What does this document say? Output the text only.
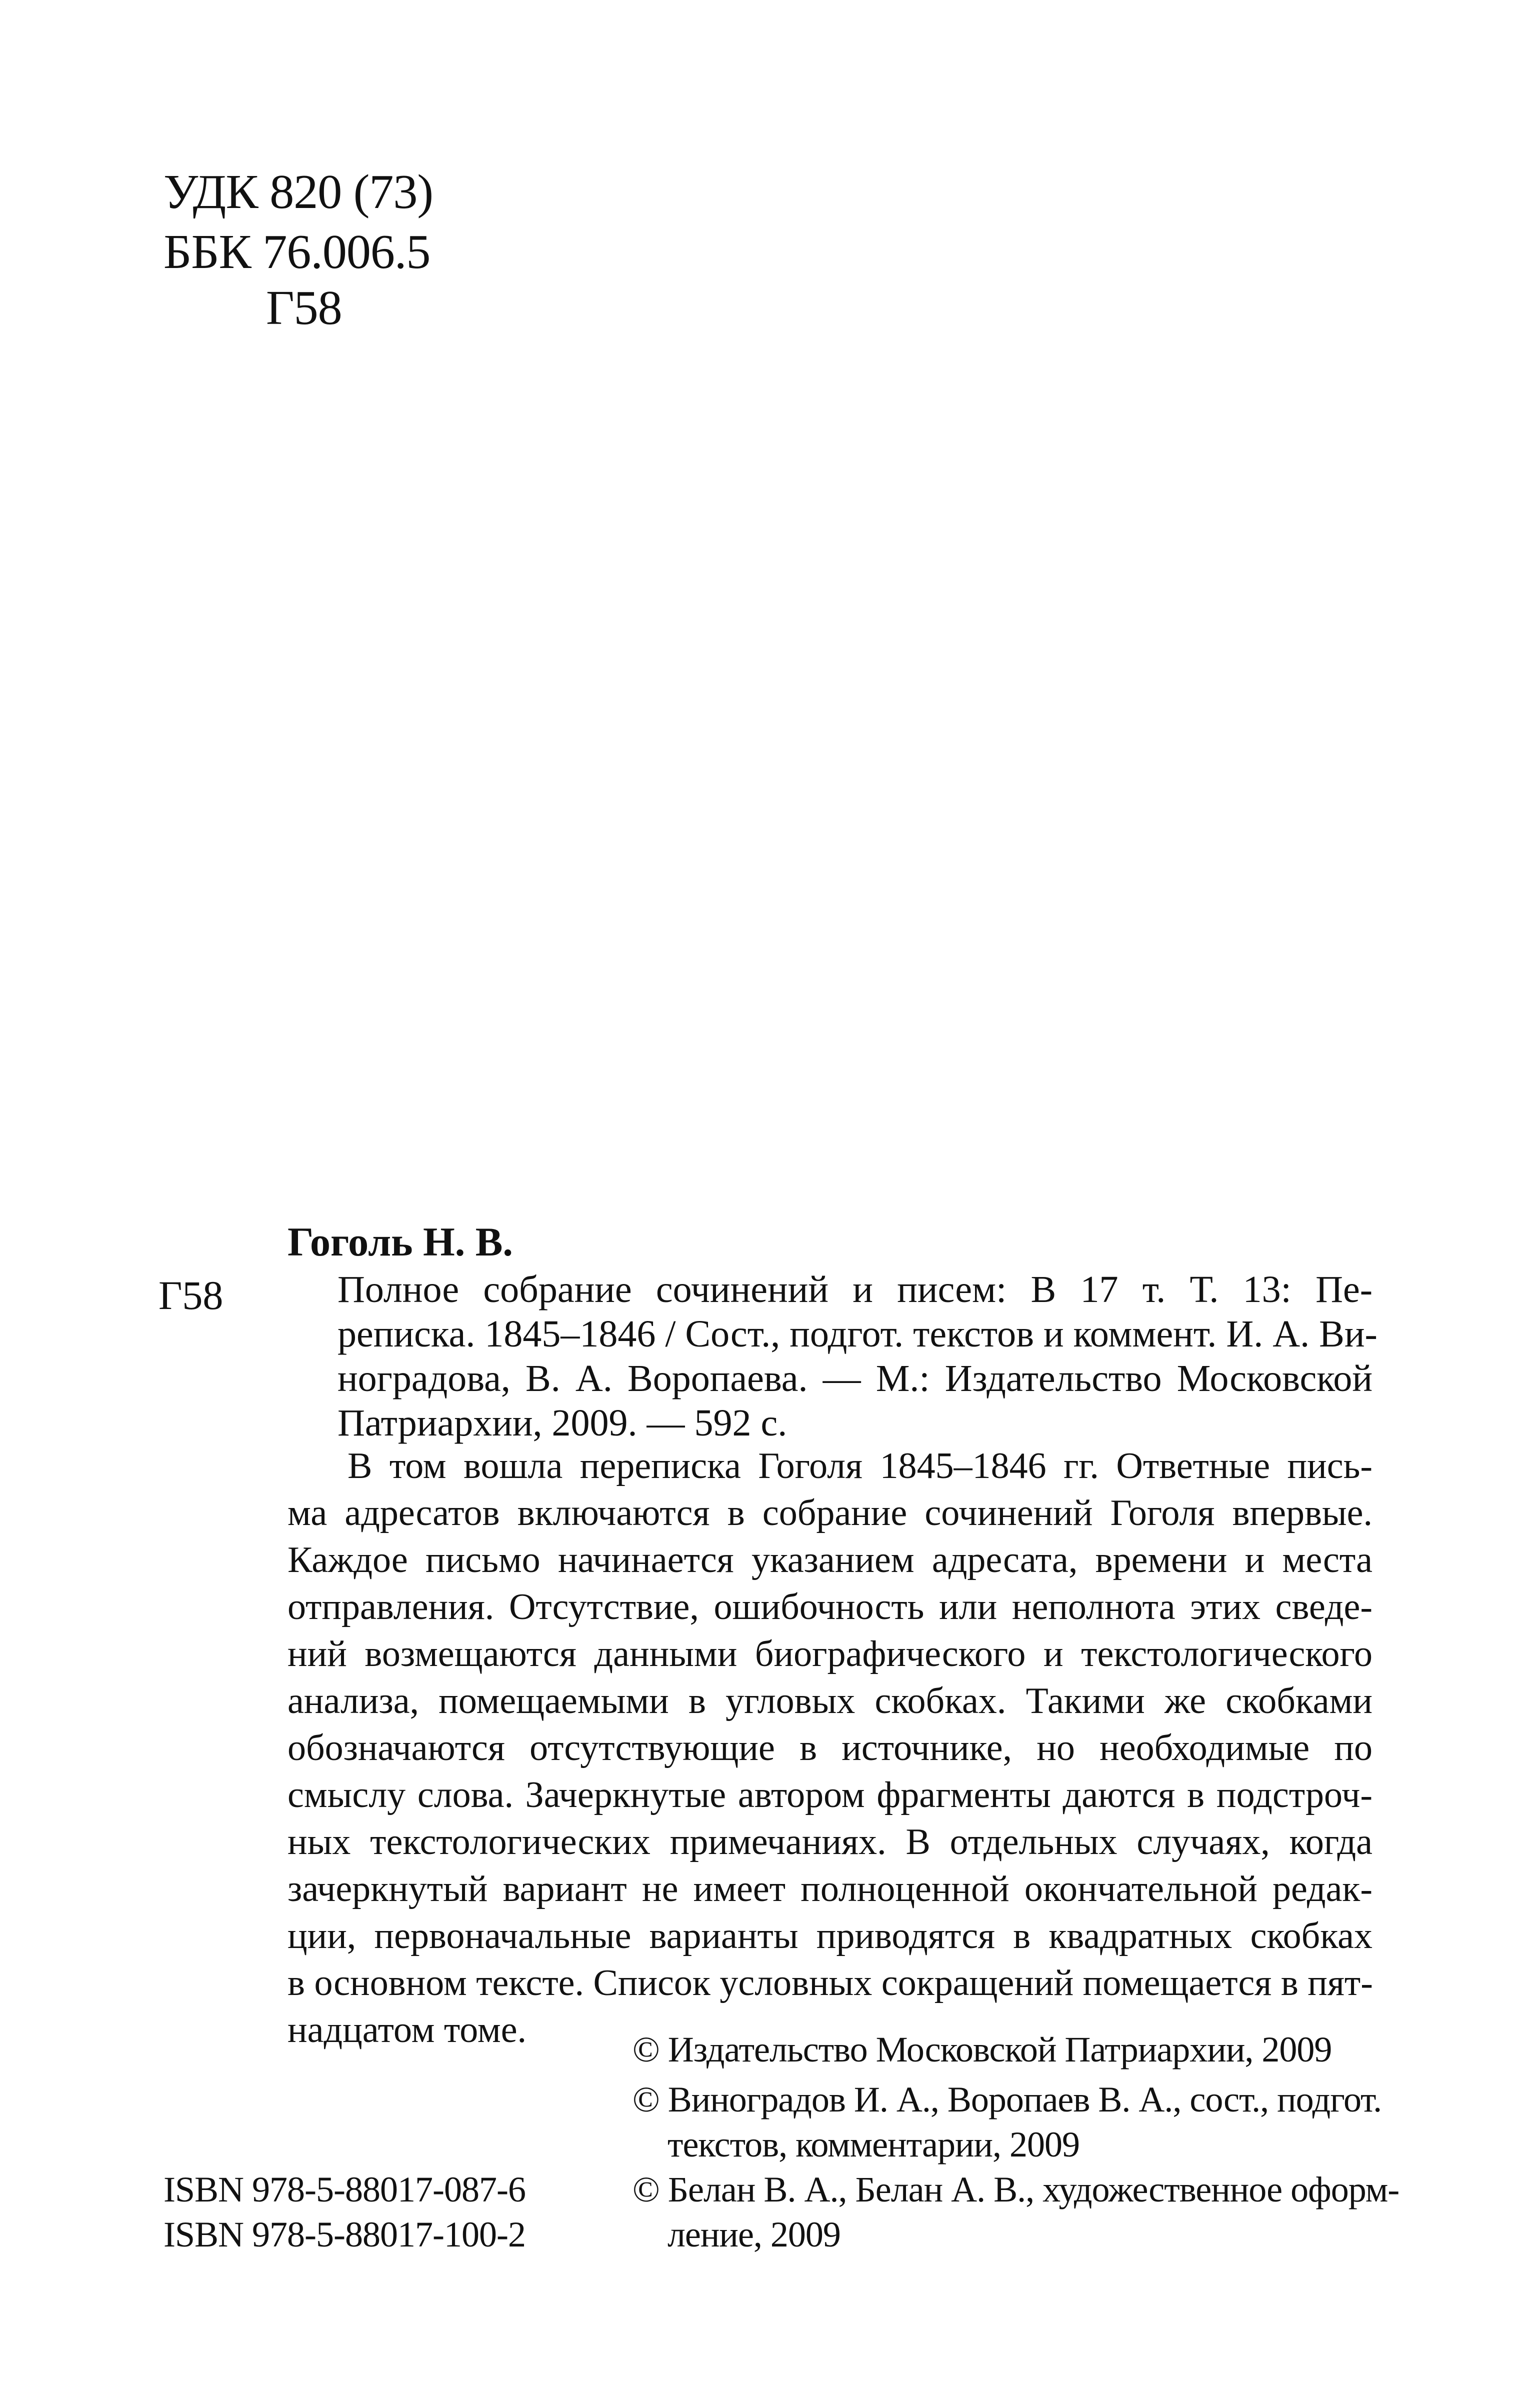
УДК 820 (73)
ББК 76.006.5
Г58
Гоголь Н. В.
Г58	Полное собрание сочинений и писем: В 17 т. Т. 13: Пе-
реписка. 1845–1846 / Сост., подгот. текстов и коммент. И. А. Ви-
ноградова, В. А. Воропаева. — М.: Издательство Московской
Патриархии, 2009. — 592 с.
В том вошла переписка Гоголя 1845–1846 гг. Ответные пись-
ма адресатов включаются в собрание сочинений Гоголя впервые.
Каждое письмо начинается указанием адресата, времени и места
отправления. Отсутствие, ошибочность или неполнота этих сведе-
ний возмещаются данными биографического и текстологического
анализа, помещаемыми в угловых скобках. Такими же скобками
обозначаются отсутствующие в источнике, но необходимые по
смыслу слова. Зачеркнутые автором фрагменты даются в подстроч-
ных текстологических примечаниях. В отдельных случаях, когда
зачеркнутый вариант не имеет полноценной окончательной редак-
ции, первоначальные варианты приводятся в квадратных скобках
в основном тексте. Список условных сокращений помещается в пят-
надцатом томе.	© Издательство Московской Патриархии, 2009
© Виноградов И. А., Воропаев В. А., сост., подгот.
текстов, комментарии, 2009
© Белан В. А., Белан А. В., художественное оформ-
ление, 2009
ISBN 978-5-88017-087-6
ISBN 978-5-88017-100-2
